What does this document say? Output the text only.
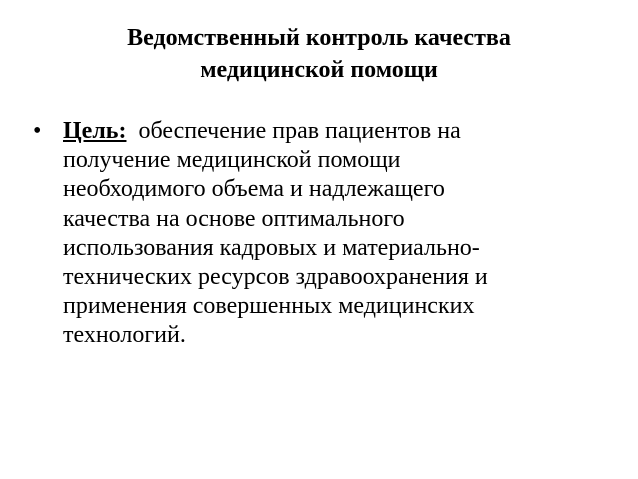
Ведомственный контроль качества
медицинской помощи
• Цель: обеспечение прав пациентов на
получение медицинской помощи
необходимого объема и надлежащего
качества на основе оптимального
использования кадровых и материально-
технических ресурсов здравоохранения и
применения совершенных медицинских
технологий.
